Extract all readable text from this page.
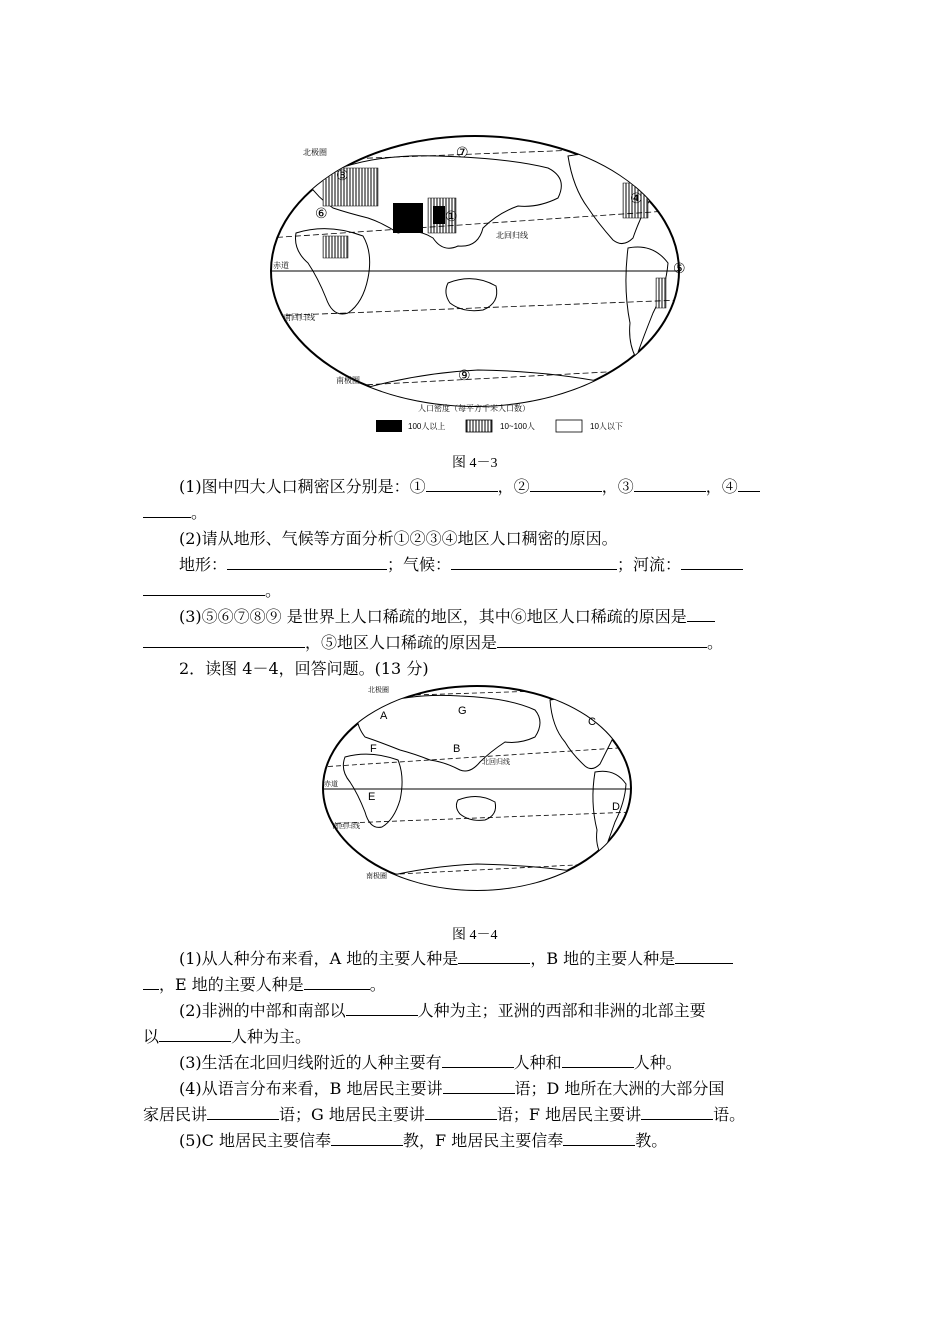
北极圈
北回归线
赤道
南回归线
南极圈
①
②
③
④
⑤
⑥
⑦
⑧
⑨
人口密度（每平方千米人口数）
100人以上	10~100人	10人以下
图 4－3
(1)图中四大人口稠密区分别是：①	，②	，③	，④
。
(2)请从地形、气候等方面分析①②③④地区人口稠密的原因。
地形：	；气候：	；河流：
。
(3)⑤⑥⑦⑧⑨ 是世界上人口稀疏的地区，其中⑥地区人口稀疏的原因是
，⑤地区人口稀疏的原因是	。
2．读图 4－4，回答问题。(13 分)
北极圈
北回归线
赤道
南回归线
南极圈
A
B
C
D
E
F
G
图 4－4
(1)从人种分布来看，A 地的主要人种是	，B 地的主要人种是
，E 地的主要人种是	。
(2)非洲的中部和南部以	人种为主；亚洲的西部和非洲的北部主要
以	人种为主。
(3)生活在北回归线附近的人种主要有	人种和	人种。
(4)从语言分布来看，B 地居民主要讲	语；D 地所在大洲的大部分国
家居民讲	语；G 地居民主要讲	语；F 地居民主要讲	语。
(5)C 地居民主要信奉	教，F 地居民主要信奉	教。
